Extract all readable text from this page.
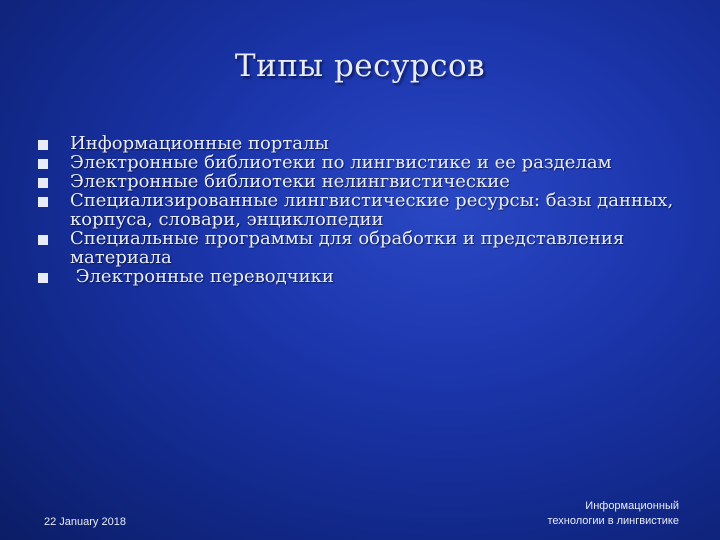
Типы ресурсов
Информационные порталы
Электронные библиотеки по лингвистике и ее разделам
Электронные библиотеки нелингвистические
Специализированные лингвистические ресурсы: базы данных, корпуса, словари, энциклопедии
Специальные программы для обработки и представления материала
Электронные переводчики
22 January 2018
Информационный
технологии в лингвистике
